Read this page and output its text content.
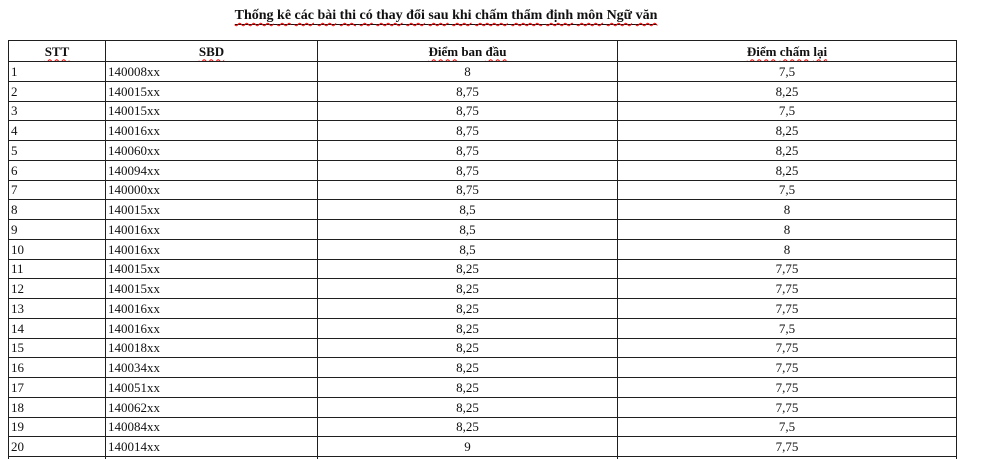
Thống kê các bài thi có thay đổi sau khi chấm thẩm định môn Ngữ văn
STT	SBD	Điểm ban đầu	Điểm chấm lại
1	140008xx	8	7,5
2	140015xx	8,75	8,25
3	140015xx	8,75	7,5
4	140016xx	8,75	8,25
5	140060xx	8,75	8,25
6	140094xx	8,75	8,25
7	140000xx	8,75	7,5
8	140015xx	8,5	8
9	140016xx	8,5	8
10	140016xx	8,5	8
11	140015xx	8,25	7,75
12	140015xx	8,25	7,75
13	140016xx	8,25	7,75
14	140016xx	8,25	7,5
15	140018xx	8,25	7,75
16	140034xx	8,25	7,75
17	140051xx	8,25	7,75
18	140062xx	8,25	7,75
19	140084xx	8,25	7,5
20	140014xx	9	7,75
